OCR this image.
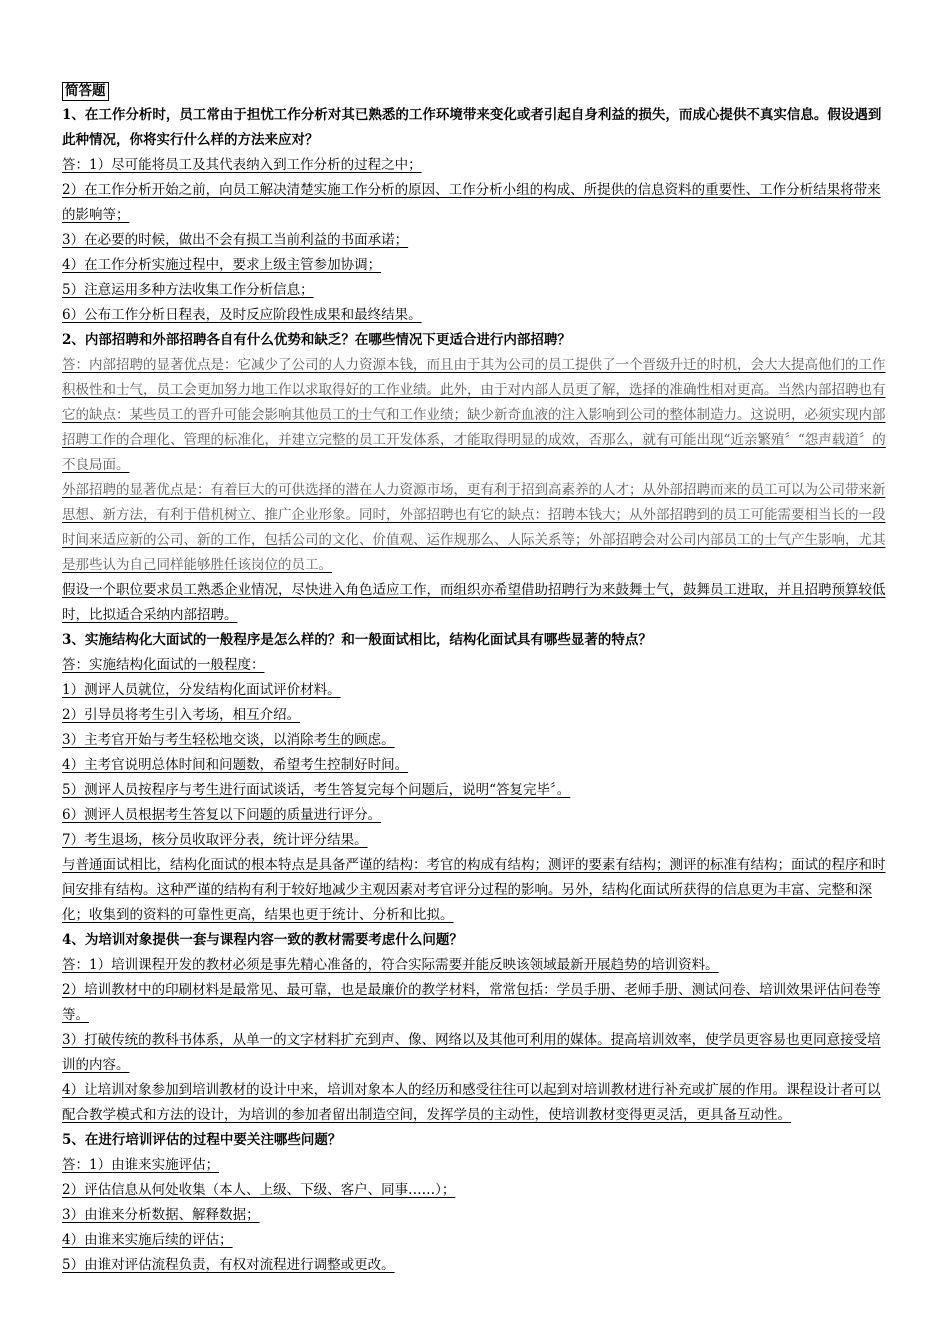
简答题

1、在工作分析时，员工常由于担忧工作分析对其已熟悉的工作环境带来变化或者引起自身利益的损失，而成心提供不真实信息。假设遇到此种情况，你将实行什么样的方法来应对？

答：1）尽可能将员工及其代表纳入到工作分析的过程之中；

2）在工作分析开始之前，向员工解决清楚实施工作分析的原因、工作分析小组的构成、所提供的信息资料的重要性、工作分析结果将带来的影响等；

3）在必要的时候，做出不会有损工当前利益的书面承诺；

4）在工作分析实施过程中，要求上级主管参加协调；

5）注意运用多种方法收集工作分析信息；

6）公布工作分析日程表，及时反应阶段性成果和最终结果。

2、内部招聘和外部招聘各自有什么优势和缺乏？在哪些情况下更适合进行内部招聘？

答：内部招聘的显著优点是：它减少了公司的人力资源本钱，而且由于其为公司的员工提供了一个晋级升迁的时机，会大大提高他们的工作积极性和士气，员工会更加努力地工作以求取得好的工作业绩。此外，由于对内部人员更了解，选择的准确性相对更高。当然内部招聘也有它的缺点：某些员工的晋升可能会影响其他员工的士气和工作业绩；缺少新奇血液的注入影响到公司的整体制造力。这说明，必须实现内部招聘工作的合理化、管理的标准化，并建立完整的员工开发体系，才能取得明显的成效，否那么，就有可能出现“近亲繁殖〞“怨声载道〞的不良局面。

外部招聘的显著优点是：有着巨大的可供选择的潜在人力资源市场，更有利于招到高素养的人才；从外部招聘而来的员工可以为公司带来新思想、新方法，有利于借机树立、推广企业形象。同时，外部招聘也有它的缺点：招聘本钱大；从外部招聘到的员工可能需要相当长的一段时间来适应新的公司、新的工作，包括公司的文化、价值观、运作规那么、人际关系等；外部招聘会对公司内部员工的士气产生影响，尤其是那些认为自己同样能够胜任该岗位的员工。

假设一个职位要求员工熟悉企业情况，尽快进入角色适应工作，而组织亦希望借助招聘行为来鼓舞士气，鼓舞员工进取，并且招聘预算较低时，比拟适合采纳内部招聘。

3、实施结构化大面试的一般程序是怎么样的？和一般面试相比，结构化面试具有哪些显著的特点？

答：实施结构化面试的一般程度：

1）测评人员就位，分发结构化面试评价材料。

2）引导员将考生引入考场，相互介绍。

3）主考官开始与考生轻松地交谈，以消除考生的顾虑。

4）主考官说明总体时间和问题数，希望考生控制好时间。

5）测评人员按程序与考生进行面试谈话，考生答复完每个问题后，说明“答复完毕〞。

6）测评人员根据考生答复以下问题的质量进行评分。

7）考生退场，核分员收取评分表，统计评分结果。

与普通面试相比，结构化面试的根本特点是具备严谨的结构：考官的构成有结构；测评的要素有结构；测评的标准有结构；面试的程序和时间安排有结构。这种严谨的结构有利于较好地减少主观因素对考官评分过程的影响。另外，结构化面试所获得的信息更为丰富、完整和深化；收集到的资料的可靠性更高，结果也更于统计、分析和比拟。

4、为培训对象提供一套与课程内容一致的教材需要考虑什么问题？

答：1）培训课程开发的教材必须是事先精心准备的，符合实际需要并能反映该领域最新开展趋势的培训资料。

2）培训教材中的印刷材料是最常见、最可靠，也是最廉价的教学材料，常常包括：学员手册、老师手册、测试问卷、培训效果评估问卷等等。

3）打破传统的教科书体系，从单一的文字材料扩充到声、像、网络以及其他可利用的媒体。提高培训效率，使学员更容易也更同意接受培训的内容。

4）让培训对象参加到培训教材的设计中来，培训对象本人的经历和感受往往可以起到对培训教材进行补充或扩展的作用。课程设计者可以配合教学模式和方法的设计，为培训的参加者留出制造空间，发挥学员的主动性，使培训教材变得更灵活，更具备互动性。

5、在进行培训评估的过程中要关注哪些问题？

答：1）由谁来实施评估；

2）评估信息从何处收集（本人、上级、下级、客户、同事……）；

3）由谁来分析数据、解释数据；

4）由谁来实施后续的评估；

5）由谁对评估流程负责，有权对流程进行调整或更改。
